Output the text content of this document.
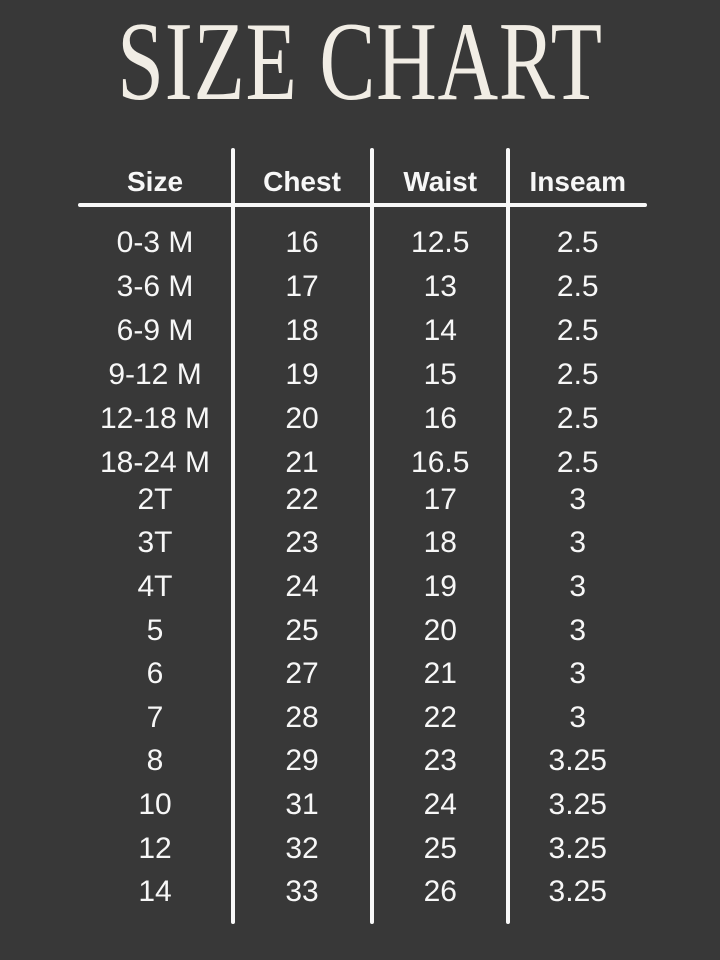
SIZE CHART
Size	Chest	Waist	Inseam
0-3 M	16	12.5	2.5
3-6 M	17	13	2.5
6-9 M	18	14	2.5
9-12 M	19	15	2.5
12-18 M	20	16	2.5
18-24 M	21	16.5	2.5
2T	22	17	3
3T	23	18	3
4T	24	19	3
5	25	20	3
6	27	21	3
7	28	22	3
8	29	23	3.25
10	31	24	3.25
12	32	25	3.25
14	33	26	3.25
